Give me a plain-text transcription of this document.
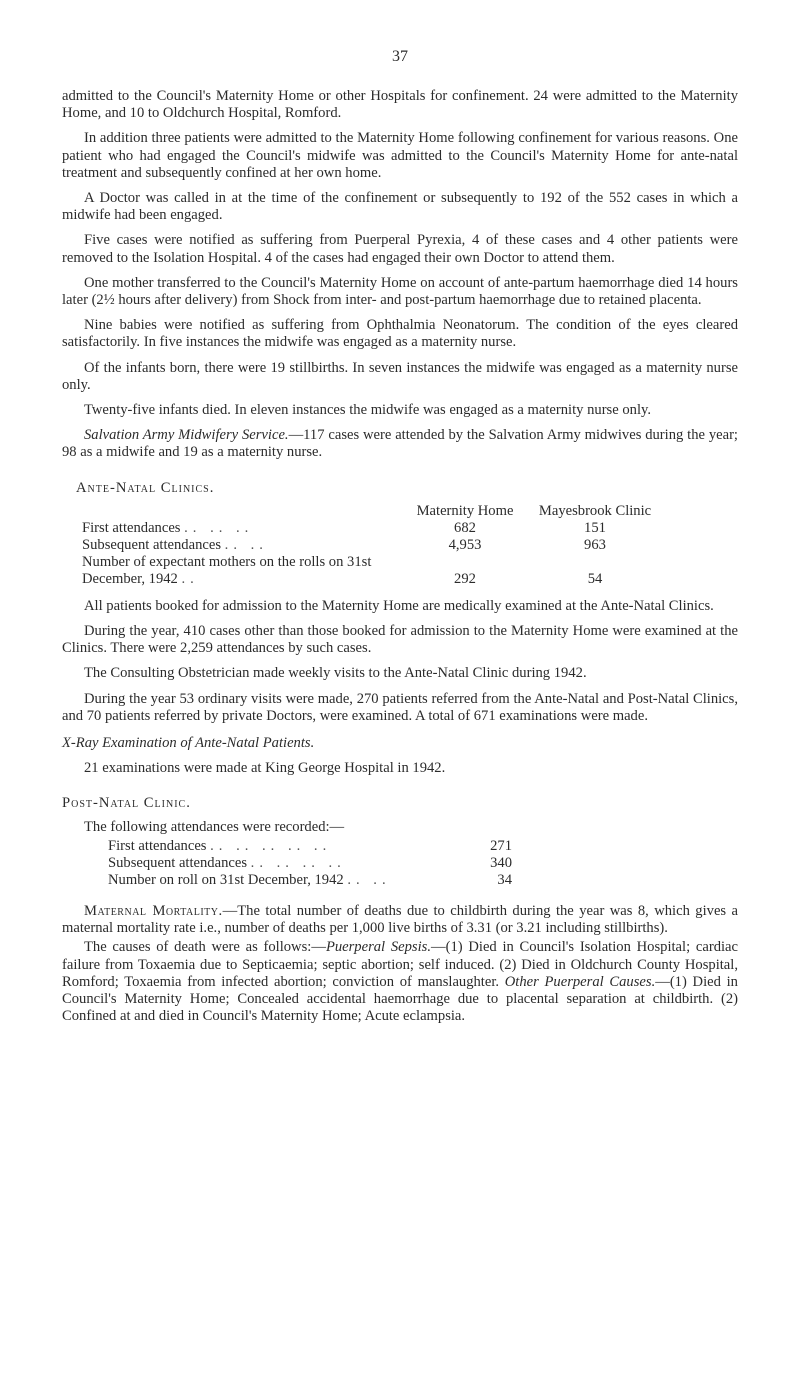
37

admitted to the Council's Maternity Home or other Hospitals for confinement. 24 were admitted to the Maternity Home, and 10 to Oldchurch Hospital, Romford.

In addition three patients were admitted to the Maternity Home following confinement for various reasons. One patient who had engaged the Council's midwife was admitted to the Council's Maternity Home for ante-natal treatment and subsequently confined at her own home.

A Doctor was called in at the time of the confinement or subsequently to 192 of the 552 cases in which a midwife had been engaged.

Five cases were notified as suffering from Puerperal Pyrexia, 4 of these cases and 4 other patients were removed to the Isolation Hospital. 4 of the cases had engaged their own Doctor to attend them.

One mother transferred to the Council's Maternity Home on account of ante-partum haemorrhage died 14 hours later (2½ hours after delivery) from Shock from inter- and post-partum haemorrhage due to retained placenta.

Nine babies were notified as suffering from Ophthalmia Neonatorum. The condition of the eyes cleared satisfactorily. In five instances the midwife was engaged as a maternity nurse.

Of the infants born, there were 19 stillbirths. In seven instances the midwife was engaged as a maternity nurse only.

Twenty-five infants died. In eleven instances the midwife was engaged as a maternity nurse only.

Salvation Army Midwifery Service.—117 cases were attended by the Salvation Army midwives during the year; 98 as a midwife and 19 as a maternity nurse.

Ante-Natal Clinics.
	Maternity Home	Mayesbrook Clinic
First attendances .. .. ..	682	151
Subsequent attendances .. ..	4,953	963
Number of expectant mothers on the rolls on 31st December, 1942 ..	292	54

All patients booked for admission to the Maternity Home are medically examined at the Ante-Natal Clinics.

During the year, 410 cases other than those booked for admission to the Maternity Home were examined at the Clinics. There were 2,259 attendances by such cases.

The Consulting Obstetrician made weekly visits to the Ante-Natal Clinic during 1942.

During the year 53 ordinary visits were made, 270 patients referred from the Ante-Natal and Post-Natal Clinics, and 70 patients referred by private Doctors, were examined. A total of 671 examinations were made.

X-Ray Examination of Ante-Natal Patients.

21 examinations were made at King George Hospital in 1942.

Post-Natal Clinic.

The following attendances were recorded:—

First attendances .. .. .. .. ..	271
Subsequent attendances .. .. .. ..	340
Number on roll on 31st December, 1942 .. ..	34

Maternal Mortality.—The total number of deaths due to childbirth during the year was 8, which gives a maternal mortality rate i.e., number of deaths per 1,000 live births of 3.31 (or 3.21 including stillbirths).

The causes of death were as follows:—Puerperal Sepsis.—(1) Died in Council's Isolation Hospital; cardiac failure from Toxaemia due to Septicaemia; septic abortion; self induced. (2) Died in Oldchurch County Hospital, Romford; Toxaemia from infected abortion; conviction of manslaughter. Other Puerperal Causes.—(1) Died in Council's Maternity Home; Concealed accidental haemorrhage due to placental separation at childbirth. (2) Confined at and died in Council's Maternity Home; Acute eclampsia.
